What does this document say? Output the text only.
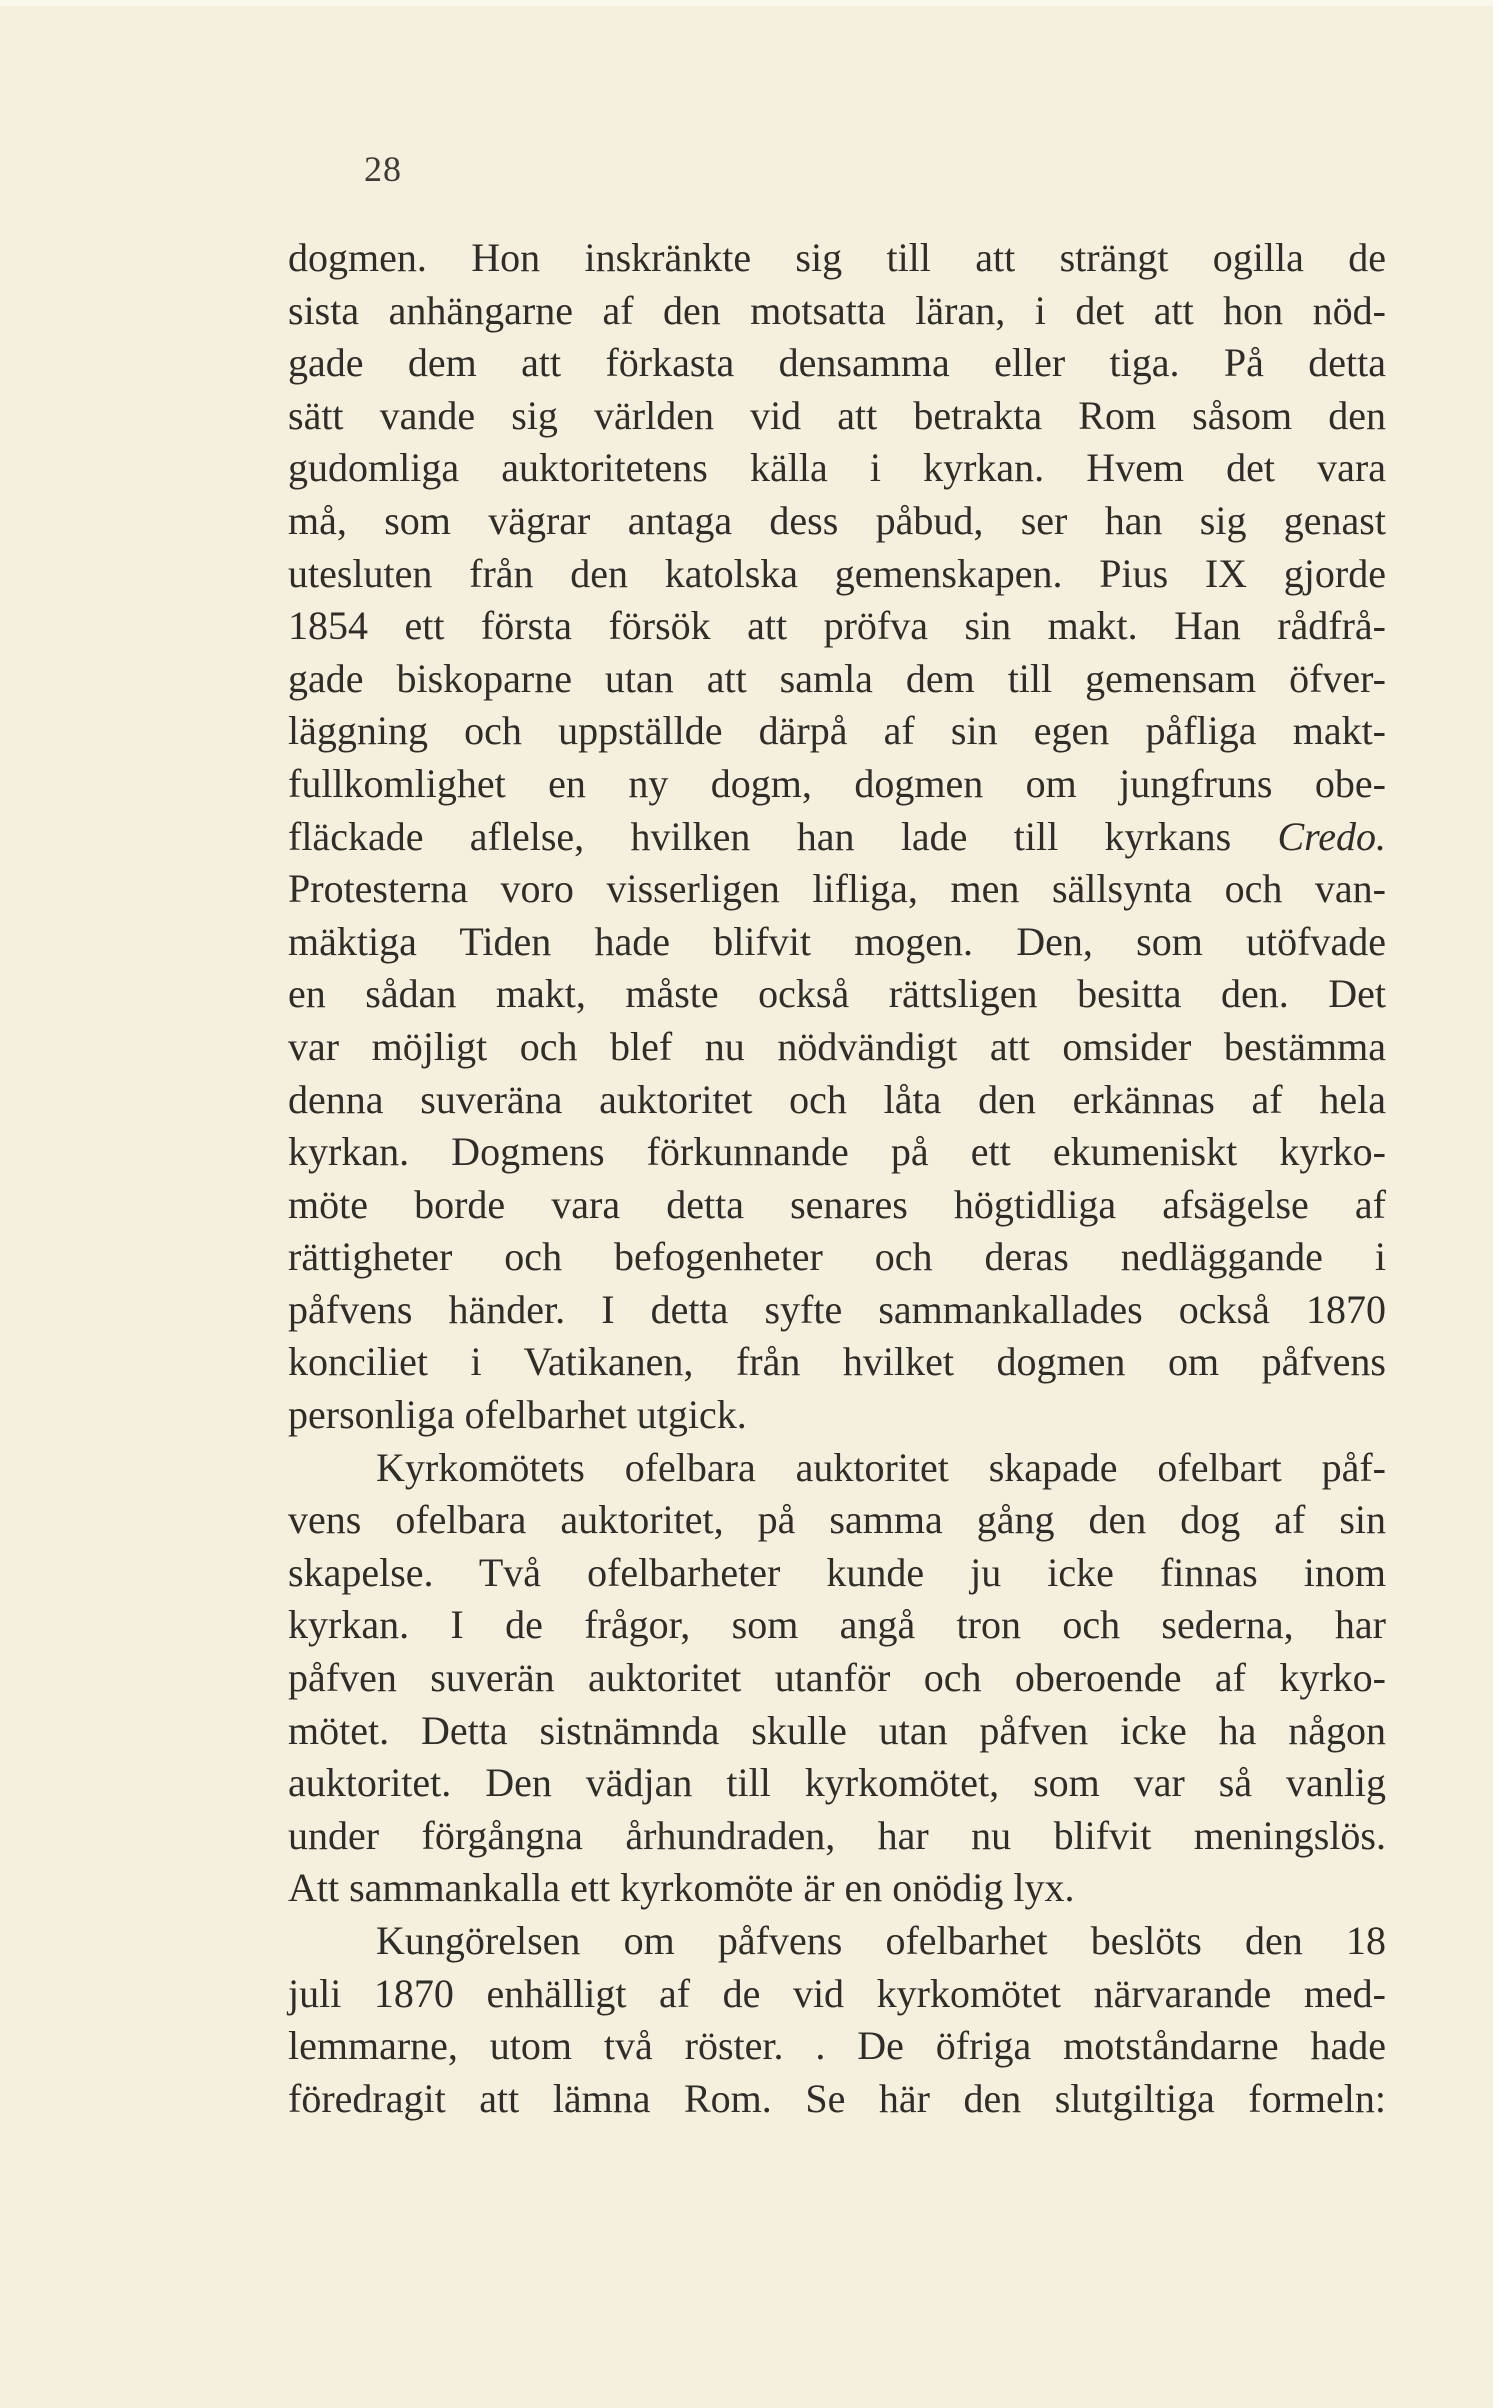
28
dogmen. Hon inskränkte sig till att strängt ogilla de
sista anhängarne af den motsatta läran, i det att hon nöd-
gade dem att förkasta densamma eller tiga. På detta
sätt vande sig världen vid att betrakta Rom såsom den
gudomliga auktoritetens källa i kyrkan. Hvem det vara
må, som vägrar antaga dess påbud, ser han sig genast
utesluten från den katolska gemenskapen. Pius IX gjorde
1854 ett första försök att pröfva sin makt. Han rådfrå-
gade biskoparne utan att samla dem till gemensam öfver-
läggning och uppställde därpå af sin egen påfliga makt-
fullkomlighet en ny dogm, dogmen om jungfruns obe-
fläckade aflelse, hvilken han lade till kyrkans Credo.
Protesterna voro visserligen lifliga, men sällsynta och van-
mäktiga Tiden hade blifvit mogen. Den, som utöfvade
en sådan makt, måste också rättsligen besitta den. Det
var möjligt och blef nu nödvändigt att omsider bestämma
denna suveräna auktoritet och låta den erkännas af hela
kyrkan. Dogmens förkunnande på ett ekumeniskt kyrko-
möte borde vara detta senares högtidliga afsägelse af
rättigheter och befogenheter och deras nedläggande i
påfvens händer. I detta syfte sammankallades också 1870
konciliet i Vatikanen, från hvilket dogmen om påfvens
personliga ofelbarhet utgick.
Kyrkomötets ofelbara auktoritet skapade ofelbart påf-
vens ofelbara auktoritet, på samma gång den dog af sin
skapelse. Två ofelbarheter kunde ju icke finnas inom
kyrkan. I de frågor, som angå tron och sederna, har
påfven suverän auktoritet utanför och oberoende af kyrko-
mötet. Detta sistnämnda skulle utan påfven icke ha någon
auktoritet. Den vädjan till kyrkomötet, som var så vanlig
under förgångna århundraden, har nu blifvit meningslös.
Att sammankalla ett kyrkomöte är en onödig lyx.
Kungörelsen om påfvens ofelbarhet beslöts den 18
juli 1870 enhälligt af de vid kyrkomötet närvarande med-
lemmarne, utom två röster. . De öfriga motståndarne hade
föredragit att lämna Rom. Se här den slutgiltiga formeln:
